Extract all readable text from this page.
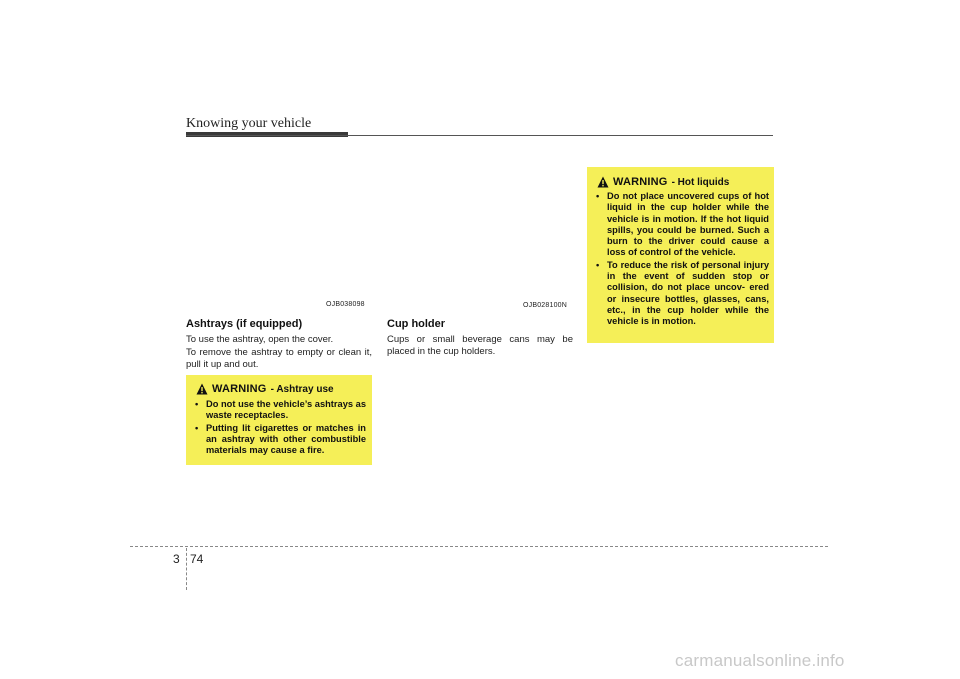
Knowing your vehicle
OJB038098	OJB028100N
Ashtrays (if equipped)

To use the ashtray, open the cover.

To remove the ashtray to empty or clean it, pull it up and out.

WARNING - Ashtray use
• Do not use the vehicle’s ashtrays as waste receptacles.
• Putting lit cigarettes or matches in an ashtray with other combustible materials may cause a fire.
Cup holder

Cups or small beverage cans may be placed in the cup holders.

WARNING - Hot liquids
• Do not place uncovered cups of hot liquid in the cup holder while the vehicle is in motion. If the hot liquid spills, you could be burned. Such a burn to the driver could cause a loss of control of the vehicle.
• To reduce the risk of personal injury in the event of sudden stop or collision, do not place uncov- ered or insecure bottles, glasses, cans, etc., in the cup holder while the vehicle is in motion.
3 74
carmanualsonline.info
